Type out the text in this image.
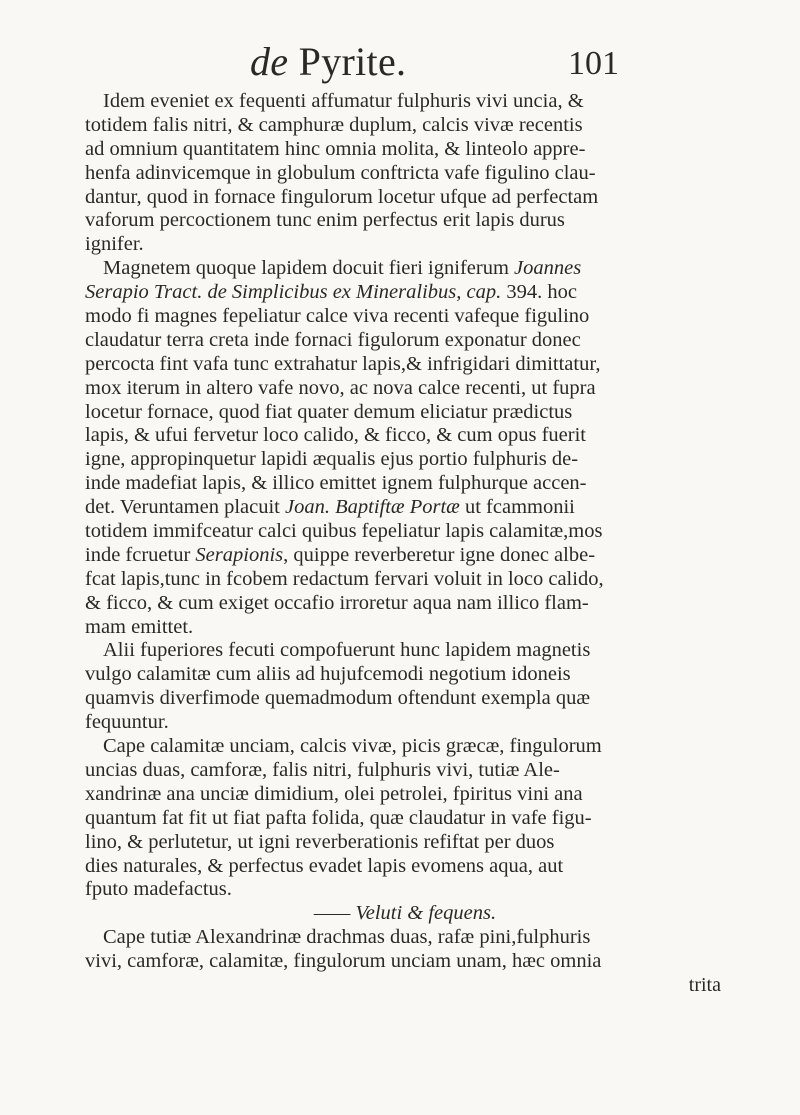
de Pyrite.	101
Idem eveniet ex fequenti affumatur fulphuris vivi uncia, &
totidem falis nitri, & camphuræ duplum, calcis vivæ recentis
ad omnium quantitatem hinc omnia molita, & linteolo appre-
henfa adinvicemque in globulum conftricta vafe figulino clau-
dantur, quod in fornace fingulorum locetur ufque ad perfectam
vaforum percoctionem tunc enim perfectus erit lapis durus
ignifer.
Magnetem quoque lapidem docuit fieri igniferum Joannes
Serapio Tract. de Simplicibus ex Mineralibus, cap. 394. hoc
modo fi magnes fepeliatur calce viva recenti vafeque figulino
claudatur terra creta inde fornaci figulorum exponatur donec
percocta fint vafa tunc extrahatur lapis,& infrigidari dimittatur,
mox iterum in altero vafe novo, ac nova calce recenti, ut fupra
locetur fornace, quod fiat quater demum eliciatur prædictus
lapis, & ufui fervetur loco calido, & ficco, & cum opus fuerit
igne, appropinquetur lapidi æqualis ejus portio fulphuris de-
inde madefiat lapis, & illico emittet ignem fulphurque accen-
det. Veruntamen placuit Joan. Baptiftæ Portæ ut fcammonii
totidem immifceatur calci quibus fepeliatur lapis calamitæ,mos
inde fcruetur Serapionis, quippe reverberetur igne donec albe-
fcat lapis,tunc in fcobem redactum fervari voluit in loco calido,
& ficco, & cum exiget occafio irroretur aqua nam illico flam-
mam emittet.
Alii fuperiores fecuti compofuerunt hunc lapidem magnetis
vulgo calamitæ cum aliis ad hujufcemodi negotium idoneis
quamvis diverfimode quemadmodum oftendunt exempla quæ
fequuntur.
Cape calamitæ unciam, calcis vivæ, picis græcæ, fingulorum
uncias duas, camforæ, falis nitri, fulphuris vivi, tutiæ Ale-
xandrinæ ana unciæ dimidium, olei petrolei, fpiritus vini ana
quantum fat fit ut fiat pafta folida, quæ claudatur in vafe figu-
lino, & perlutetur, ut igni reverberationis refiftat per duos
dies naturales, & perfectus evadet lapis evomens aqua, aut
fputo madefactus.
—— Veluti & fequens.
Cape tutiæ Alexandrinæ drachmas duas, rafæ pini,fulphuris
vivi, camforæ, calamitæ, fingulorum unciam unam, hæc omnia
trita
